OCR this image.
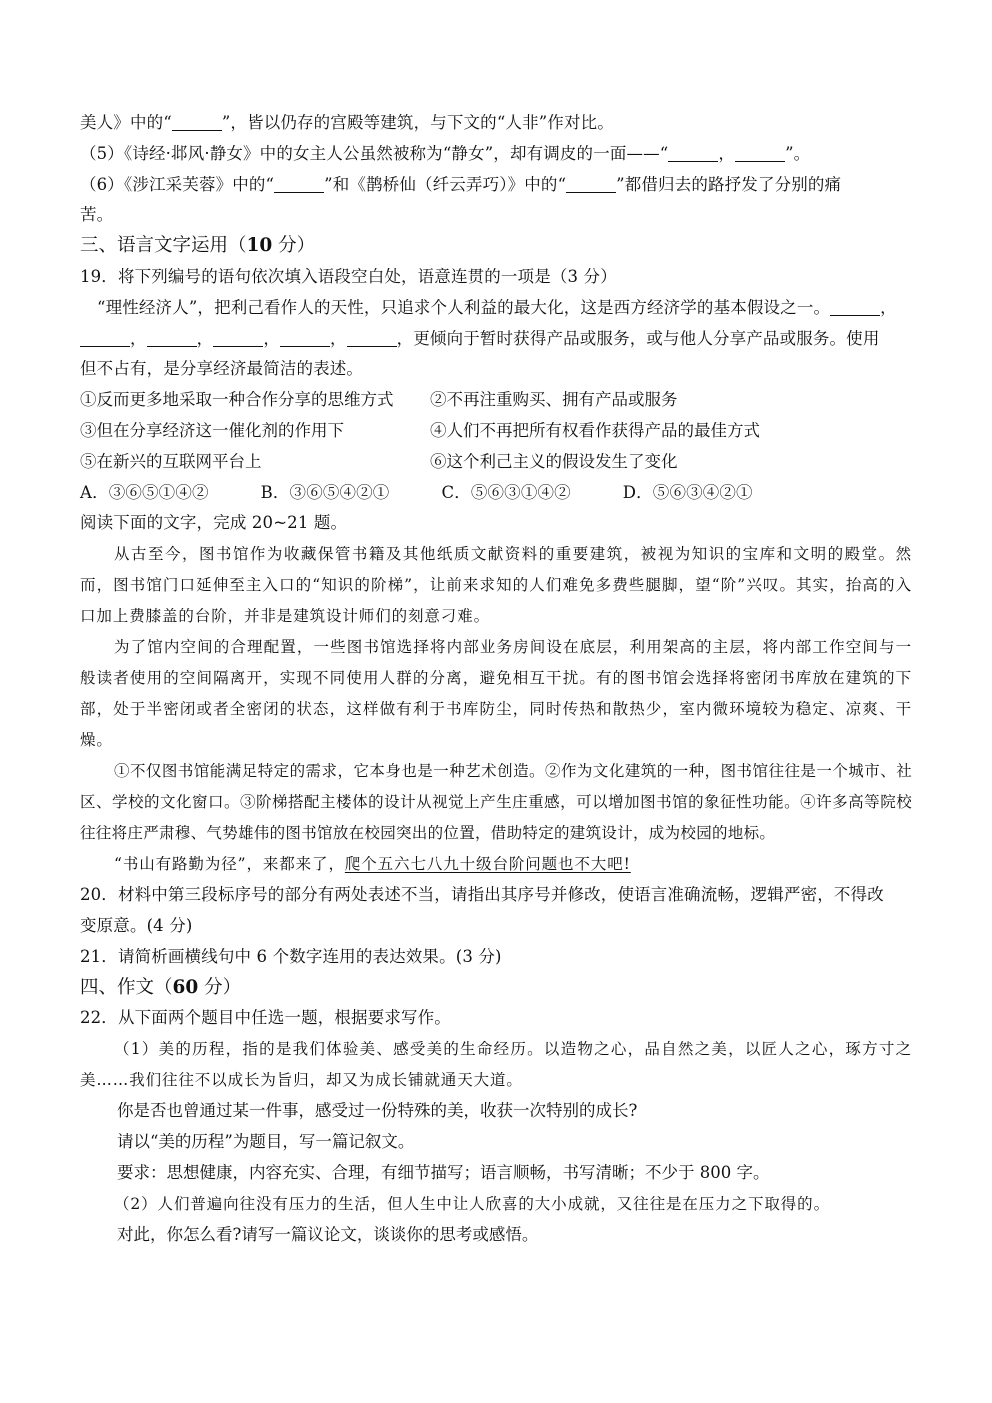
美人》中的“	”，皆以仍存的宫殿等建筑，与下文的“人非”作对比。
（5）《诗经·邶风·静女》中的女主人公虽然被称为“静女”，却有调皮的一面——“	，	”。
（6）《涉江采芙蓉》中的“	”和《鹊桥仙（纤云弄巧）》中的“	”都借归去的路抒发了分别的痛
苦。
三、语言文字运用（10 分）
19．将下列编号的语句依次填入语段空白处，语意连贯的一项是（3 分）
“理性经济人”，把利己看作人的天性，只追求个人利益的最大化，这是西方经济学的基本假设之一。	，
，	，	，	，	，更倾向于暂时获得产品或服务，或与他人分享产品或服务。使用
但不占有，是分享经济最简洁的表述。
①反而更多地采取一种合作分享的思维方式	②不再注重购买、拥有产品或服务
③但在分享经济这一催化剂的作用下	④人们不再把所有权看作获得产品的最佳方式
⑤在新兴的互联网平台上	⑥这个利己主义的假设发生了变化
A．③⑥⑤①④②	B．③⑥⑤④②①	C．⑤⑥③①④②	D．⑤⑥③④②①
阅读下面的文字，完成 20~21 题。
从古至今，图书馆作为收藏保管书籍及其他纸质文献资料的重要建筑，被视为知识的宝库和文明的殿堂。然而，图书馆门口延伸至主入口的“知识的阶梯”，让前来求知的人们难免多费些腿脚，望“阶”兴叹。其实，抬高的入口加上费膝盖的台阶，并非是建筑设计师们的刻意刁难。
为了馆内空间的合理配置，一些图书馆选择将内部业务房间设在底层，利用架高的主层，将内部工作空间与一般读者使用的空间隔离开，实现不同使用人群的分离，避免相互干扰。有的图书馆会选择将密闭书库放在建筑的下部，处于半密闭或者全密闭的状态，这样做有利于书库防尘，同时传热和散热少，室内微环境较为稳定、凉爽、干燥。
①不仅图书馆能满足特定的需求，它本身也是一种艺术创造。②作为文化建筑的一种，图书馆往往是一个城市、社区、学校的文化窗口。③阶梯搭配主楼体的设计从视觉上产生庄重感，可以增加图书馆的象征性功能。④许多高等院校往往将庄严肃穆、气势雄伟的图书馆放在校园突出的位置，借助特定的建筑设计，成为校园的地标。
“书山有路勤为径”，来都来了，爬个五六七八九十级台阶问题也不大吧!
20．材料中第三段标序号的部分有两处表述不当，请指出其序号并修改，使语言准确流畅，逻辑严密，不得改
变原意。(4 分)
21．请简析画横线句中 6 个数字连用的表达效果。(3 分)
四、作文（60 分）
22．从下面两个题目中任选一题，根据要求写作。
（1）美的历程，指的是我们体验美、感受美的生命经历。以造物之心，品自然之美，以匠人之心，琢方寸之美……我们往往不以成长为旨归，却又为成长铺就通天大道。
你是否也曾通过某一件事，感受过一份特殊的美，收获一次特别的成长?
请以“美的历程”为题目，写一篇记叙文。
要求：思想健康，内容充实、合理，有细节描写；语言顺畅，书写清晰；不少于 800 字。
（2）人们普遍向往没有压力的生活，但人生中让人欣喜的大小成就，又往往是在压力之下取得的。
对此，你怎么看?请写一篇议论文，谈谈你的思考或感悟。
